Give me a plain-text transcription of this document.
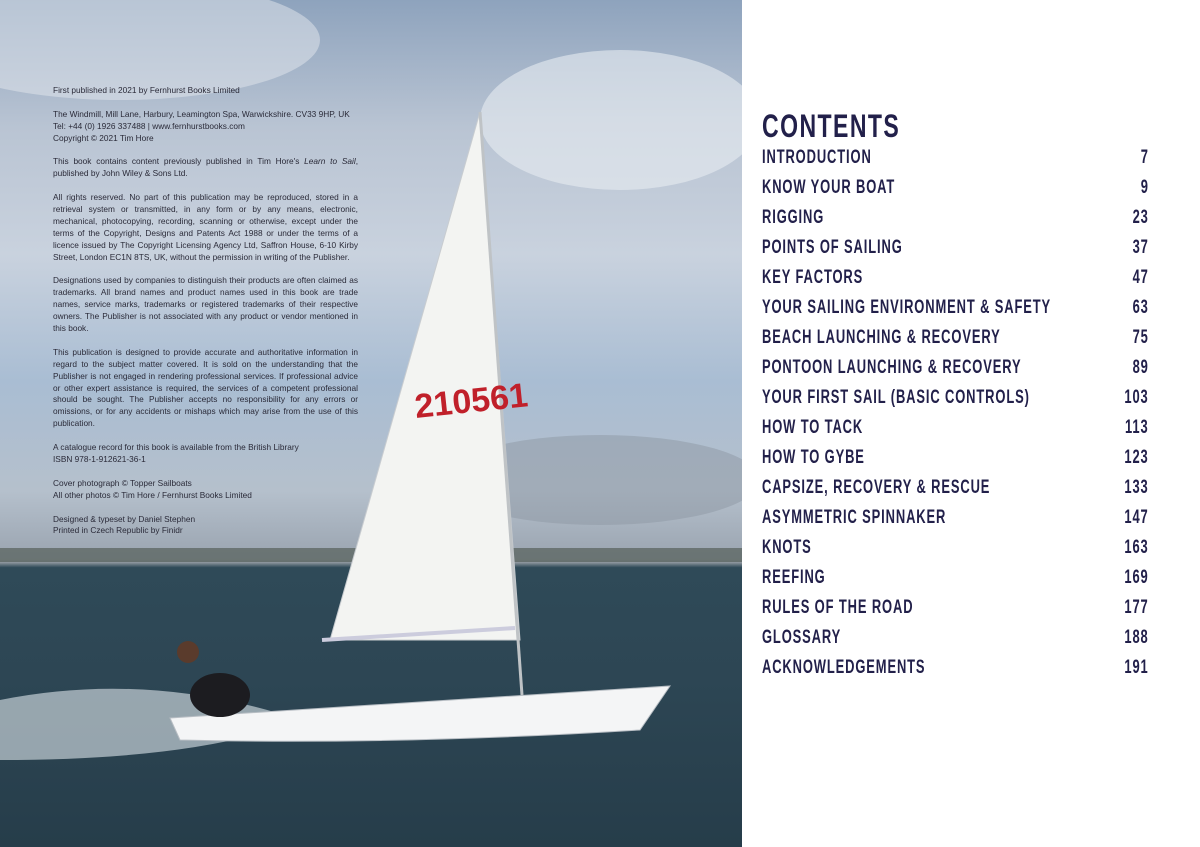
210561

First published in 2021 by Fernhurst Books Limited

The Windmill, Mill Lane, Harbury, Leamington Spa, Warwickshire. CV33 9HP, UK
Tel: +44 (0) 1926 337488 | www.fernhurstbooks.com
Copyright © 2021 Tim Hore

This book contains content previously published in Tim Hore's Learn to Sail, published by John Wiley & Sons Ltd.

All rights reserved. No part of this publication may be reproduced, stored in a retrieval system or transmitted, in any form or by any means, electronic, mechanical, photocopying, recording, scanning or otherwise, except under the terms of the Copyright, Designs and Patents Act 1988 or under the terms of a licence issued by The Copyright Licensing Agency Ltd, Saffron House, 6-10 Kirby Street, London EC1N 8TS, UK, without the permission in writing of the Publisher.

Designations used by companies to distinguish their products are often claimed as trademarks. All brand names and product names used in this book are trade names, service marks, trademarks or registered trademarks of their respective owners. The Publisher is not associated with any product or vendor mentioned in this book.

This publication is designed to provide accurate and authoritative information in regard to the subject matter covered. It is sold on the understanding that the Publisher is not engaged in rendering professional services. If professional advice or other expert assistance is required, the services of a competent professional should be sought. The Publisher accepts no responsibility for any errors or omissions, or for any accidents or mishaps which may arise from the use of this publication.

A catalogue record for this book is available from the British Library
ISBN 978-1-912621-36-1

Cover photograph © Topper Sailboats
All other photos © Tim Hore / Fernhurst Books Limited

Designed & typeset by Daniel Stephen
Printed in Czech Republic by Finidr

CONTENTS
INTRODUCTION	7
KNOW YOUR BOAT	9
RIGGING	23
POINTS OF SAILING	37
KEY FACTORS	47
YOUR SAILING ENVIRONMENT & SAFETY	63
BEACH LAUNCHING & RECOVERY	75
PONTOON LAUNCHING & RECOVERY	89
YOUR FIRST SAIL (BASIC CONTROLS)	103
HOW TO TACK	113
HOW TO GYBE	123
CAPSIZE, RECOVERY & RESCUE	133
ASYMMETRIC SPINNAKER	147
KNOTS	163
REEFING	169
RULES OF THE ROAD	177
GLOSSARY	188
ACKNOWLEDGEMENTS	191
